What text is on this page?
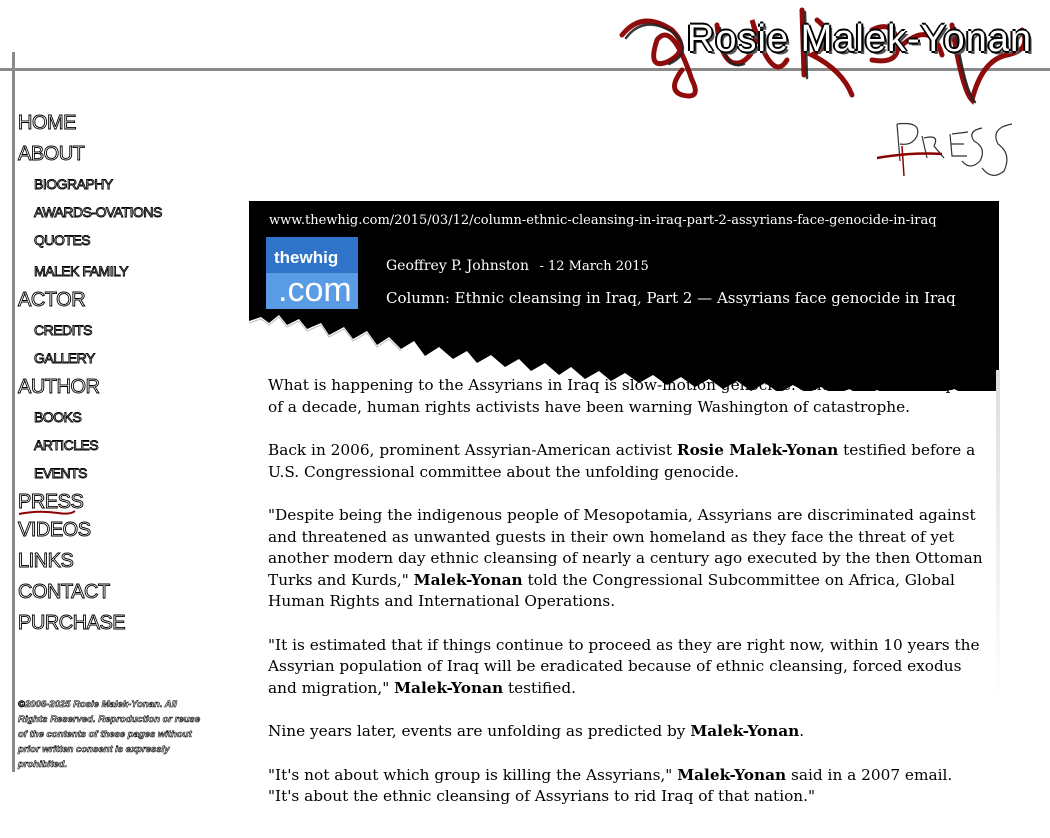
Rosie Malek-Yonan
HOME
ABOUT
BIOGRAPHY
AWARDS-OVATIONS
QUOTES
MALEK FAMILY
ACTOR
CREDITS
GALLERY
AUTHOR
BOOKS
ARTICLES
EVENTS
PRESS
VIDEOS
LINKS
CONTACT
PURCHASE
©2006-2025 Rosie Malek-Yonan. All Rights Reserved. Reproduction or reuse of the contents of these pages without prior written consent is expressly prohibited.
www.thewhig.com/2015/03/12/column-ethnic-cleansing-in-iraq-part-2-assyrians-face-genocide-in-iraq
thewhig
.com
Geoffrey P. Johnston - 12 March 2015
Column: Ethnic cleansing in Iraq, Part 2 — Assyrians face genocide in Iraq

What is happening to the Assyrians in Iraq is slow-motion genocide. And for the better part of a decade, human rights activists have been warning Washington of catastrophe.

Back in 2006, prominent Assyrian-American activist Rosie Malek-Yonan testified before a U.S. Congressional committee about the unfolding genocide.

"Despite being the indigenous people of Mesopotamia, Assyrians are discriminated against and threatened as unwanted guests in their own homeland as they face the threat of yet another modern day ethnic cleansing of nearly a century ago executed by the then Ottoman Turks and Kurds," Malek-Yonan told the Congressional Subcommittee on Africa, Global Human Rights and International Operations.

"It is estimated that if things continue to proceed as they are right now, within 10 years the Assyrian population of Iraq will be eradicated because of ethnic cleansing, forced exodus and migration," Malek-Yonan testified.

Nine years later, events are unfolding as predicted by Malek-Yonan.

"It's not about which group is killing the Assyrians," Malek-Yonan said in a 2007 email. "It's about the ethnic cleansing of Assyrians to rid Iraq of that nation."
